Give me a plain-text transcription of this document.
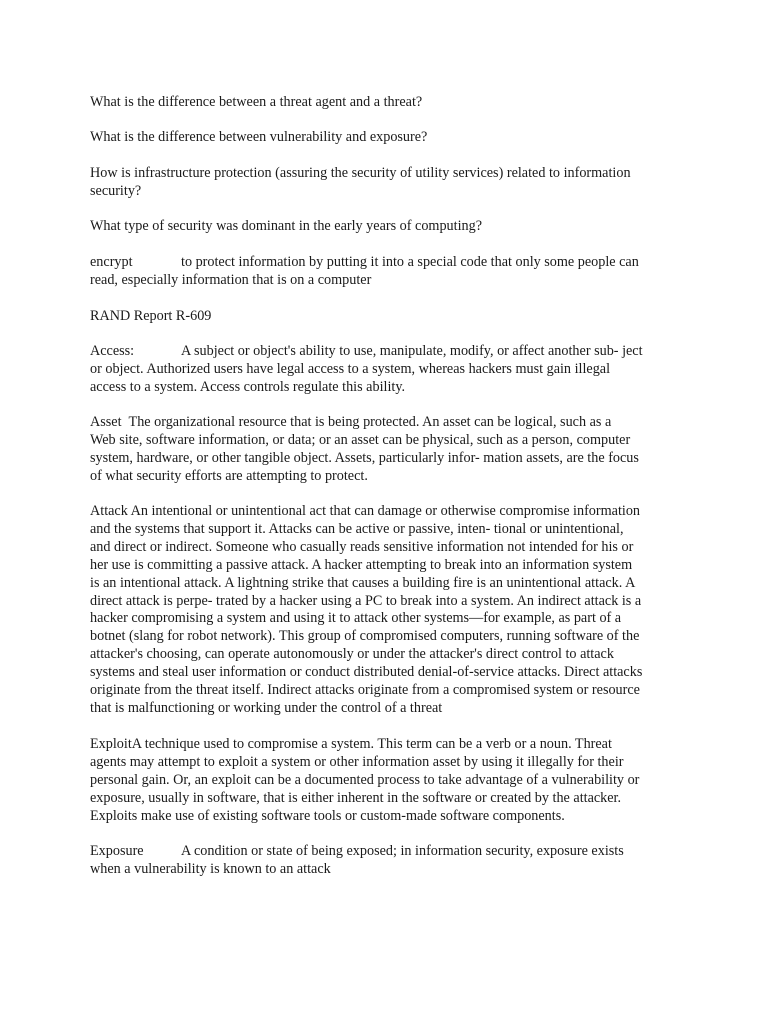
What is the difference between a threat agent and a threat?

What is the difference between vulnerability and exposure?

How is infrastructure protection (assuring the security of utility services) related to information
security?

What type of security was dominant in the early years of computing?

encrypt	to protect information by putting it into a special code that only some people can
read, especially information that is on a computer

RAND Report R-609

Access:	A subject or object's ability to use, manipulate, modify, or affect another sub- ject
or object. Authorized users have legal access to a system, whereas hackers must gain illegal
access to a system. Access controls regulate this ability.

Asset The organizational resource that is being protected. An asset can be logical, such as a
Web site, software information, or data; or an asset can be physical, such as a person, computer
system, hardware, or other tangible object. Assets, particularly infor- mation assets, are the focus
of what security efforts are attempting to protect.

Attack An intentional or unintentional act that can damage or otherwise compromise information
and the systems that support it. Attacks can be active or passive, inten- tional or unintentional,
and direct or indirect. Someone who casually reads sensitive information not intended for his or
her use is committing a passive attack. A hacker attempting to break into an information system
is an intentional attack. A lightning strike that causes a building fire is an unintentional attack. A
direct attack is perpe- trated by a hacker using a PC to break into a system. An indirect attack is a
hacker compromising a system and using it to attack other systems—for example, as part of a
botnet (slang for robot network). This group of compromised computers, running software of the
attacker's choosing, can operate autonomously or under the attacker's direct control to attack
systems and steal user information or conduct distributed denial-of-service attacks. Direct attacks
originate from the threat itself. Indirect attacks originate from a compromised system or resource
that is malfunctioning or working under the control of a threat

ExploitA technique used to compromise a system. This term can be a verb or a noun. Threat
agents may attempt to exploit a system or other information asset by using it illegally for their
personal gain. Or, an exploit can be a documented process to take advantage of a vulnerability or
exposure, usually in software, that is either inherent in the software or created by the attacker.
Exploits make use of existing software tools or custom-made software components.

Exposure	A condition or state of being exposed; in information security, exposure exists
when a vulnerability is known to an attack
